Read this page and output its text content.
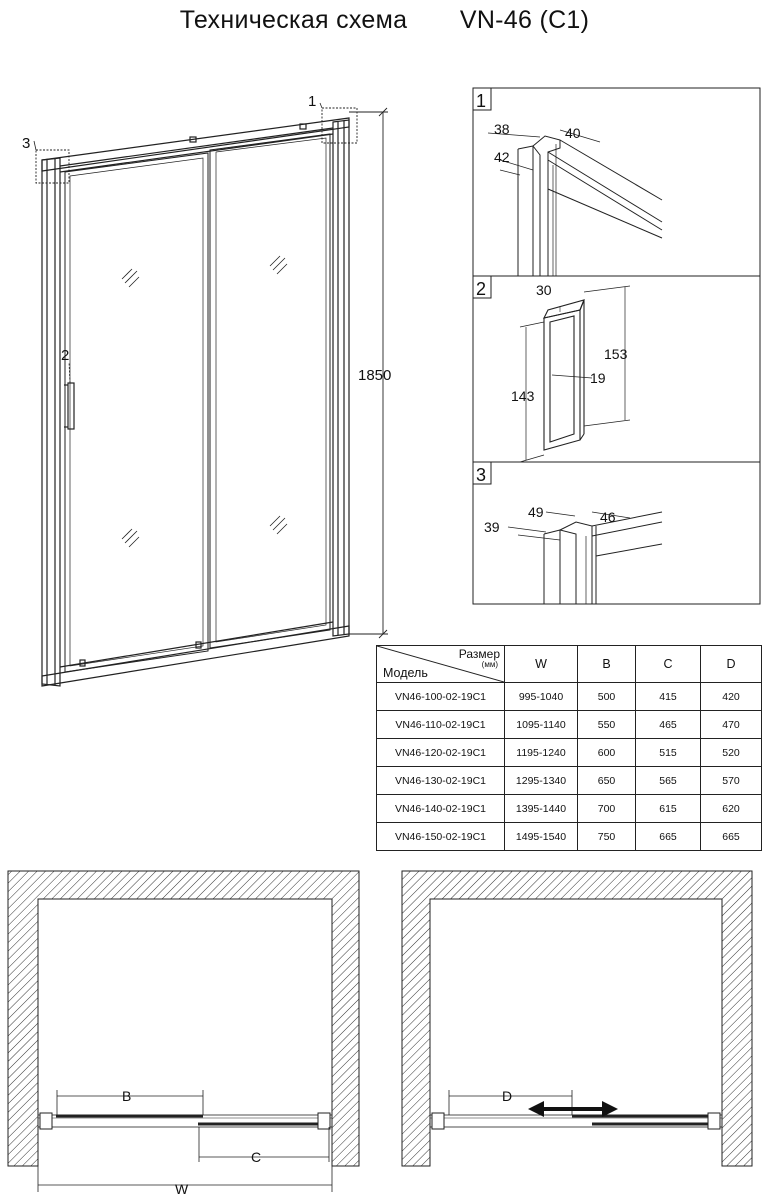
Техническая схема VN-46 (C1)
3
1
2
1850
1
2
3
38	40
42
30
153
143
19
49	46
39
B
C
W
D
Размер
(мм)
Модель	W	B	C	D
VN46-100-02-19C1	995-1040	500	415	420
VN46-110-02-19C1	1095-1140	550	465	470
VN46-120-02-19C1	1195-1240	600	515	520
VN46-130-02-19C1	1295-1340	650	565	570
VN46-140-02-19C1	1395-1440	700	615	620
VN46-150-02-19C1	1495-1540	750	665	665
